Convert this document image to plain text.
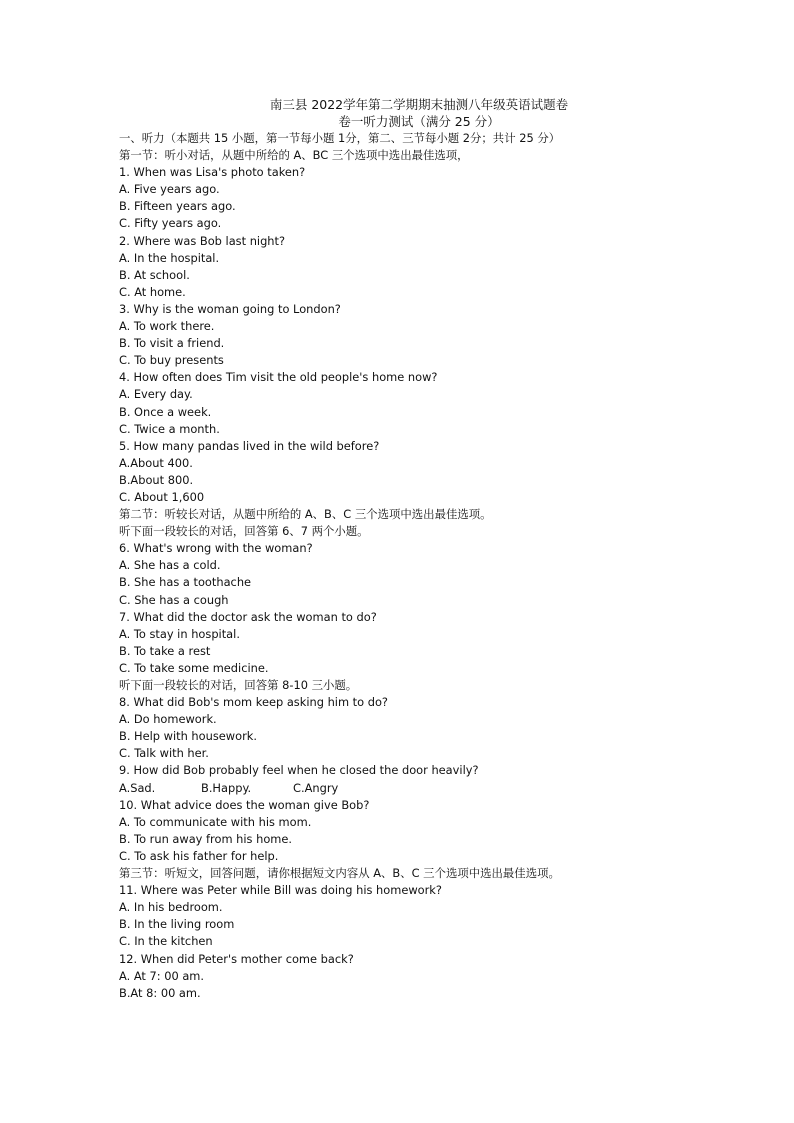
南三县 2022学年第二学期期末抽测八年级英语试题卷
卷一听力测试（满分 25 分）
一、听力（本题共 15 小题，第一节每小题 1分，第二、三节每小题 2分；共计 25 分）
第一节：听小对话，从题中所给的 A、BC 三个选项中选出最佳选项，
1. When was Lisa's photo taken?
A. Five years ago.
B. Fifteen years ago.
C. Fifty years ago.
2. Where was Bob last night?
A. In the hospital.
B. At school.
C. At home.
3. Why is the woman going to London?
A. To work there.
B. To visit a friend.
C. To buy presents
4. How often does Tim visit the old people's home now?
A. Every day.
B. Once a week.
C. Twice a month.
5. How many pandas lived in the wild before?
A.About 400.
B.About 800.
C. About 1,600
第二节：听较长对话，从题中所给的 A、B、C 三个选项中选出最佳选项。
听下面一段较长的对话，回答第 6、7 两个小题。
6. What's wrong with the woman?
A. She has a cold.
B. She has a toothache
C. She has a cough
7. What did the doctor ask the woman to do?
A. To stay in hospital.
B. To take a rest
C. To take some medicine.
听下面一段较长的对话，回答第 8-10 三小题。
8. What did Bob's mom keep asking him to do?
A. Do homework.
B. Help with housework.
C. Talk with her.
9. How did Bob probably feel when he closed the door heavily?
A.Sad.	B.Happy.	C.Angry
10. What advice does the woman give Bob?
A. To communicate with his mom.
B. To run away from his home.
C. To ask his father for help.
第三节：听短文，回答问题，请你根据短文内容从 A、B、C 三个选项中选出最佳选项。
11. Where was Peter while Bill was doing his homework?
A. In his bedroom.
B. In the living room
C. In the kitchen
12. When did Peter's mother come back?
A. At 7: 00 am.
B.At 8: 00 am.
